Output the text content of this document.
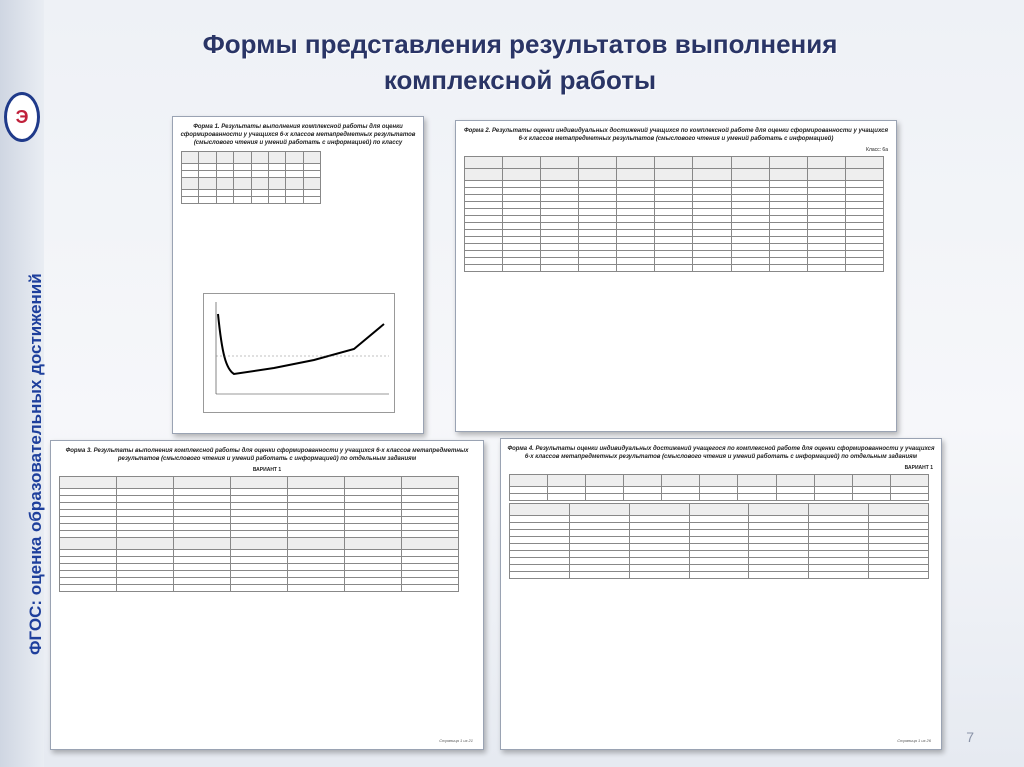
Э
ФГОС: оценка образовательных достижений
Формы представления результатов выполнения
комплексной работы
Форма 1. Результаты выполнения комплексной работы для оценки сформированности у учащихся 6-х классов метапредметных результатов (смыслового чтения и умений работать с информацией) по классу

Форма 2. Результаты оценки индивидуальных достижений учащихся по комплексной работе для оценки сформированности у учащихся 6-х классов метапредметных результатов (смыслового чтения и умений работать с информацией)
Класс: 6а

Форма 3. Результаты выполнения комплексной работы для оценки сформированности у учащихся 6-х классов метапредметных результатов (смыслового чтения и умений работать с информацией) по отдельным заданиям
ВАРИАНТ 1

Страница 1 из 21
Форма 4. Результаты оценки индивидуальных достижений учащегося по комплексной работе для оценки сформированности у учащихся 6-х классов метапредметных результатов (смыслового чтения и умений работать с информацией) по отдельным заданиям
ВАРИАНТ 1

Страница 1 из 26	7
